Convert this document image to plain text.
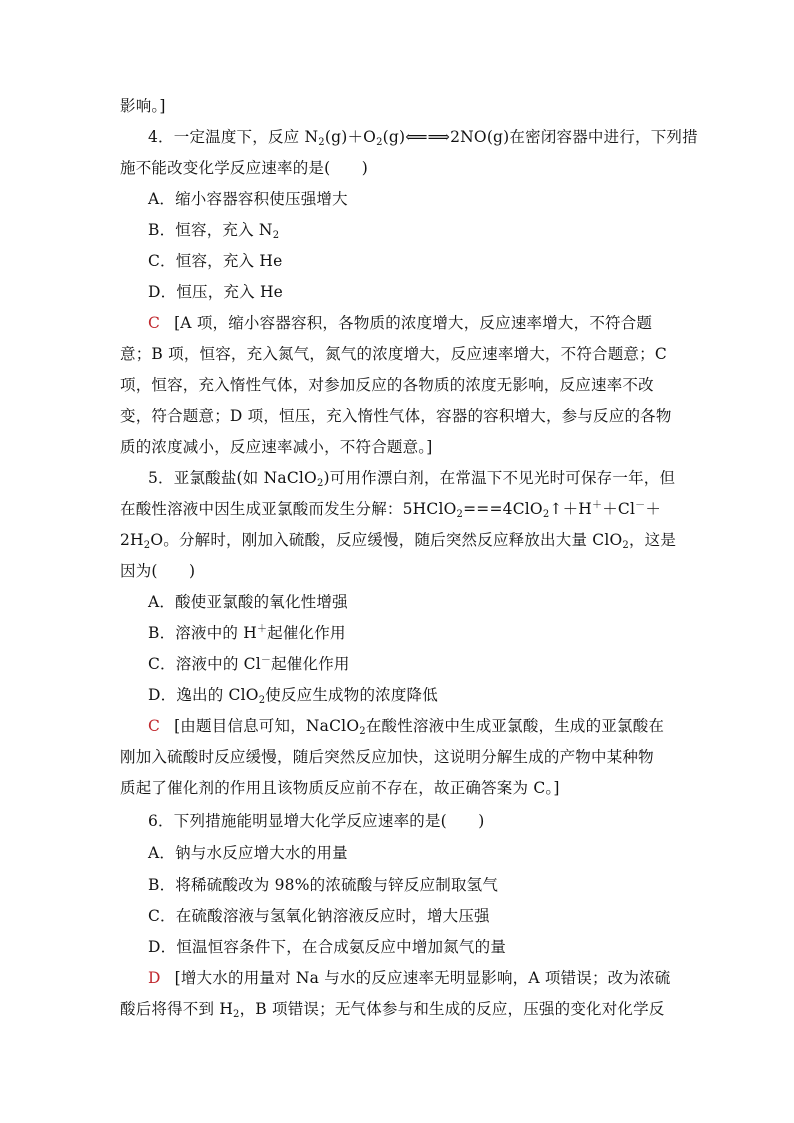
影响。]
4．一定温度下，反应 $N_2(g)+O_2(g)⟸⟹2NO(g)$在密闭容器中进行，下列措
施不能改变化学反应速率的是(　　)
A．缩小容器容积使压强增大
B．恒容，充入 $N_2$
C．恒容，充入 He
D．恒压，充入 He
C [A 项，缩小容器容积，各物质的浓度增大，反应速率增大，不符合题
意；B 项，恒容，充入氮气，氮气的浓度增大，反应速率增大，不符合题意；C
项，恒容，充入惰性气体，对参加反应的各物质的浓度无影响，反应速率不改
变，符合题意；D 项，恒压，充入惰性气体，容器的容积增大，参与反应的各物
质的浓度减小，反应速率减小，不符合题意。]
5．亚氯酸盐(如 NaClO$_2$)可用作漂白剂，在常温下不见光时可保存一年，但
在酸性溶液中因生成亚氯酸而发生分解：5HClO$_2$===4ClO$_2$↑＋H＋＋Cl－＋
$2H_2O$。分解时，刚加入硫酸，反应缓慢，随后突然反应释放出大量 ClO$_2$，这是
因为(　　)
A．酸使亚氯酸的氧化性增强
B．溶液中的 H＋起催化作用
C．溶液中的 Cl－起催化作用
D．逸出的 ClO$_2$使反应生成物的浓度降低
C [由题目信息可知，NaClO$_2$在酸性溶液中生成亚氯酸，生成的亚氯酸在
刚加入硫酸时反应缓慢，随后突然反应加快，这说明分解生成的产物中某种物
质起了催化剂的作用且该物质反应前不存在，故正确答案为 C。]
6．下列措施能明显增大化学反应速率的是(　　)
A．钠与水反应增大水的用量
B．将稀硫酸改为 98%的浓硫酸与锌反应制取氢气
C．在硫酸溶液与氢氧化钠溶液反应时，增大压强
D．恒温恒容条件下，在合成氨反应中增加氮气的量
D [增大水的用量对 Na 与水的反应速率无明显影响，A 项错误；改为浓硫
酸后将得不到 $H_2$，B 项错误；无气体参与和生成的反应，压强的变化对化学反
